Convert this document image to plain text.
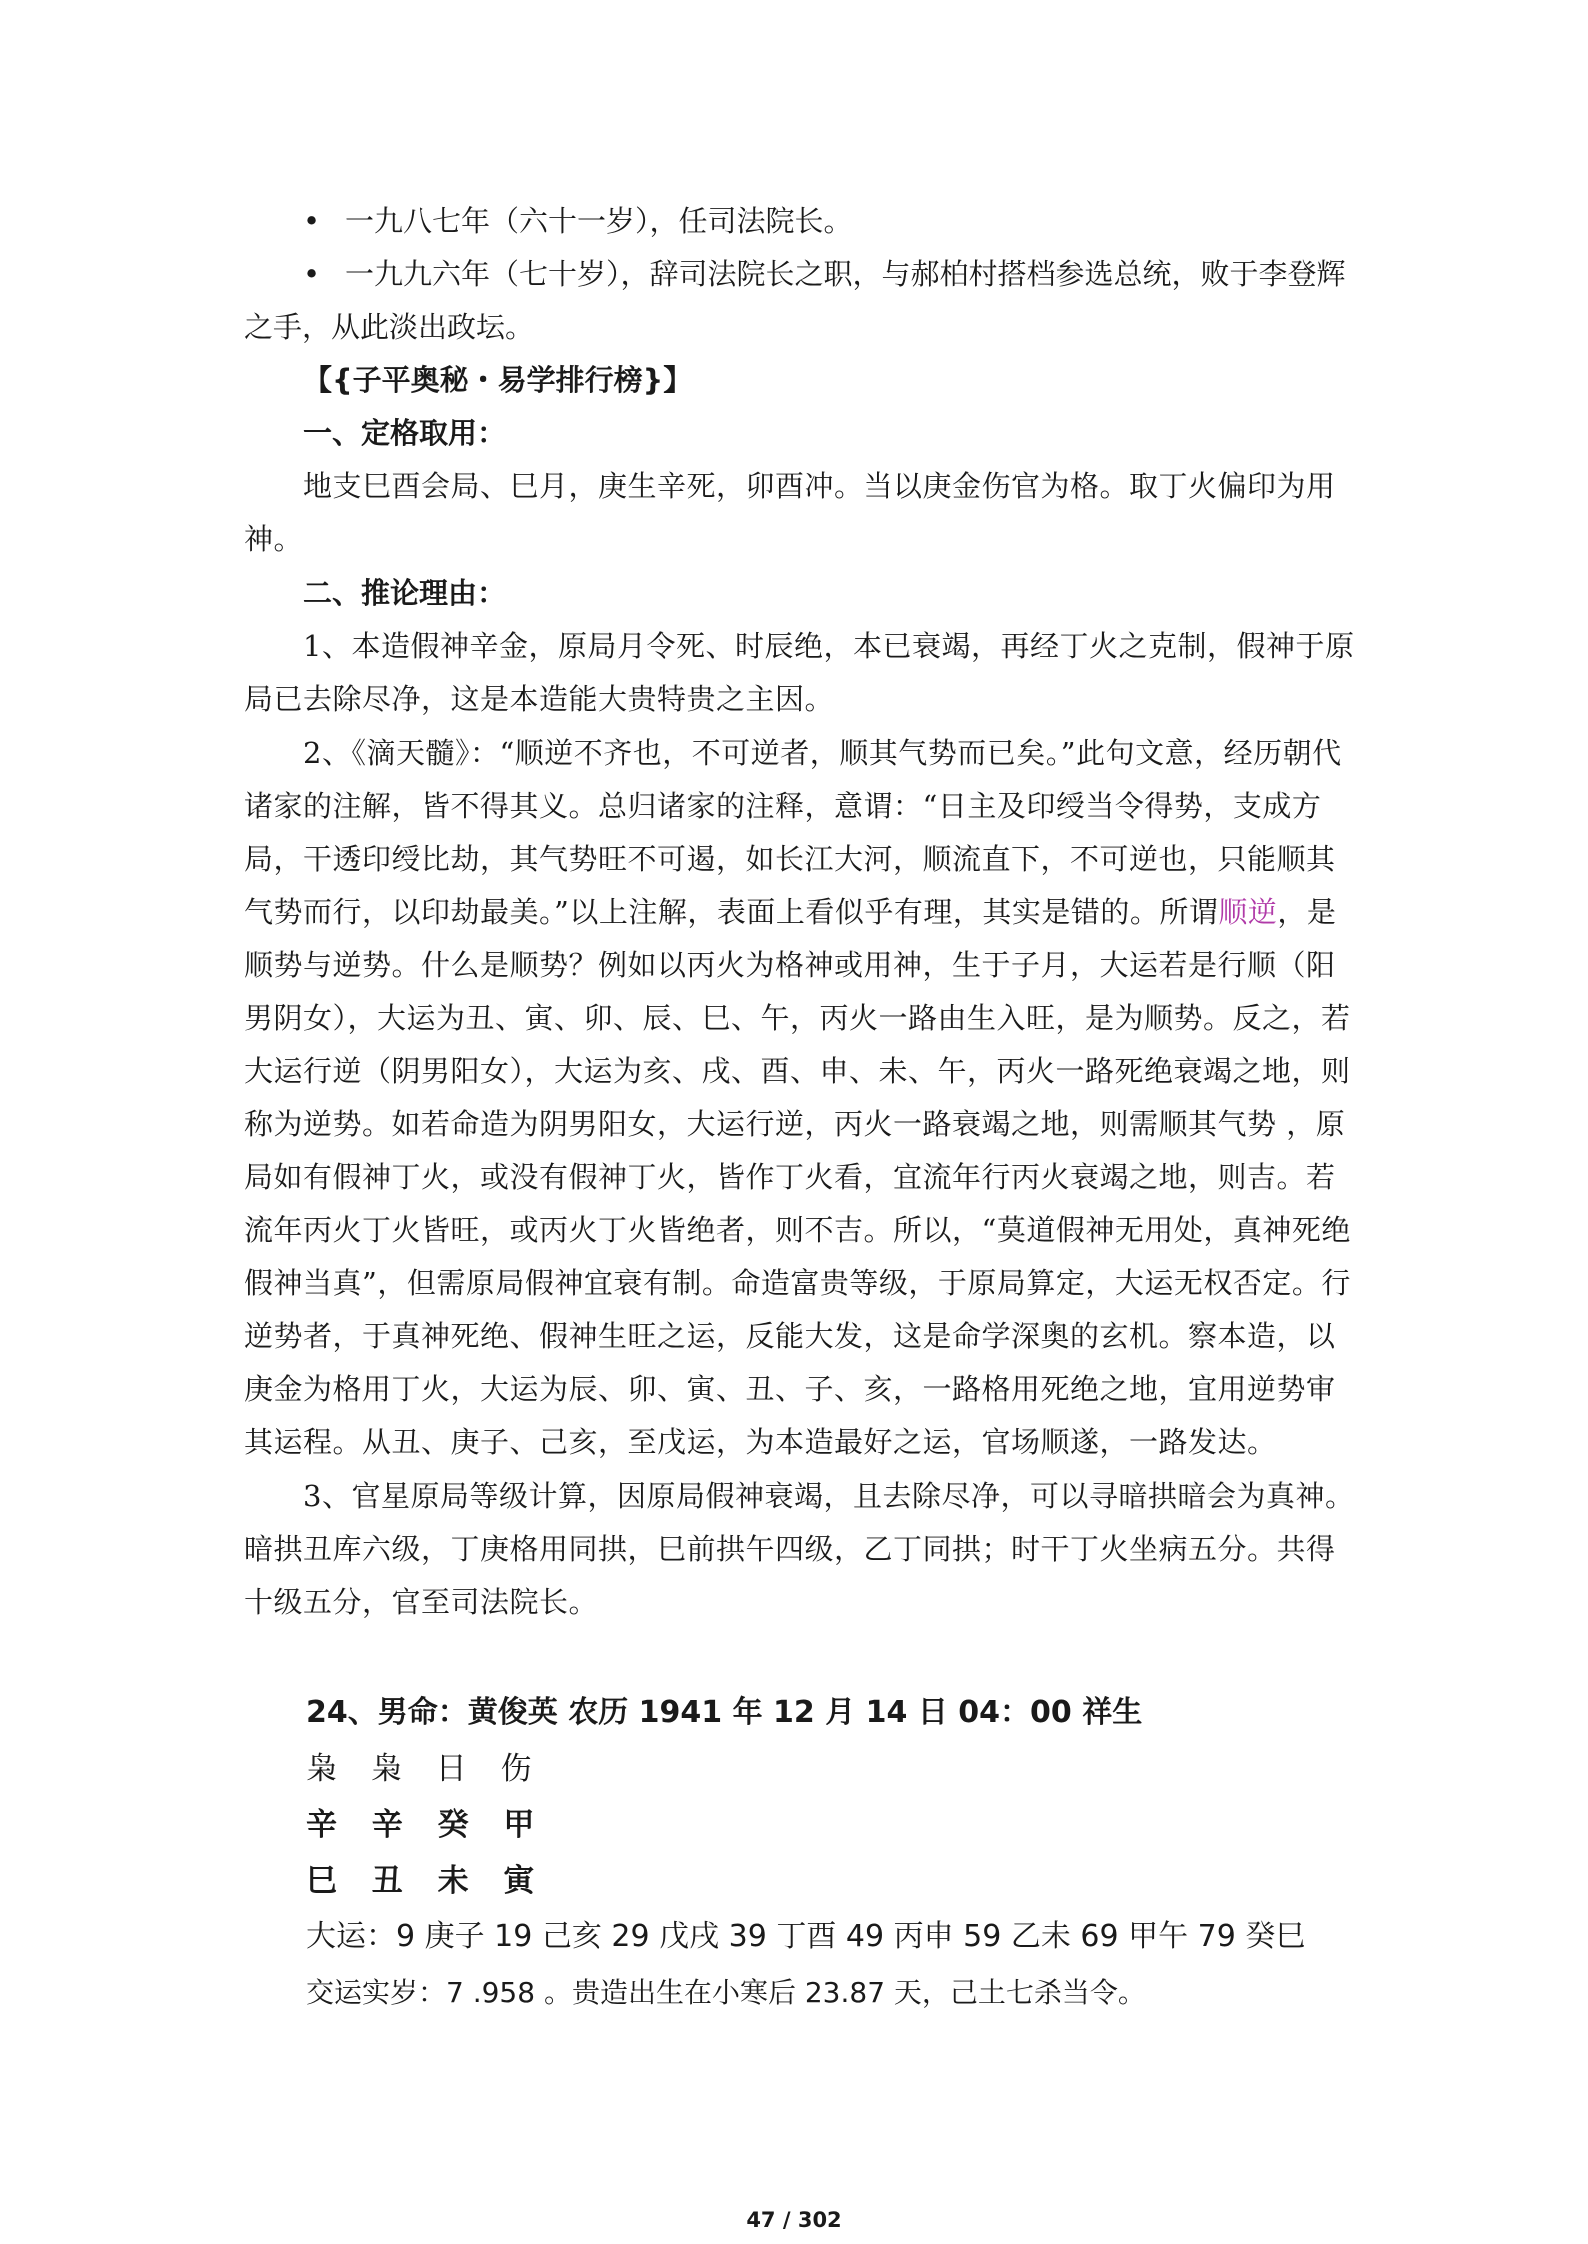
• 一九八七年（六十一岁），任司法院长。

• 一九九六年（七十岁），辞司法院长之职，与郝柏村搭档参选总统，败于李登辉之手，从此淡出政坛。

【{子平奥秘・易学排行榜}】

一、定格取用：

地支巳酉会局、巳月，庚生辛死，卯酉冲。当以庚金伤官为格。取丁火偏印为用神。

二、推论理由：

1、本造假神辛金，原局月令死、时辰绝，本已衰竭，再经丁火之克制，假神于原局已去除尽净，这是本造能大贵特贵之主因。

2、《滴天髓》：“顺逆不齐也，不可逆者，顺其气势而已矣。”此句文意，经历朝代诸家的注解，皆不得其义。总归诸家的注释，意谓：“日主及印绶当令得势，支成方局，干透印绶比劫，其气势旺不可遏，如长江大河，顺流直下，不可逆也，只能顺其气势而行，以印劫最美。”以上注解，表面上看似乎有理，其实是错的。所谓顺逆，是顺势与逆势。什么是顺势？例如以丙火为格神或用神，生于子月，大运若是行顺（阳男阴女），大运为丑、寅、卯、辰、巳、午，丙火一路由生入旺，是为顺势。反之，若大运行逆（阴男阳女），大运为亥、戌、酉、申、未、午，丙火一路死绝衰竭之地，则称为逆势。如若命造为阴男阳女，大运行逆，丙火一路衰竭之地，则需顺其气势 ，原局如有假神丁火，或没有假神丁火，皆作丁火看，宜流年行丙火衰竭之地，则吉。若流年丙火丁火皆旺，或丙火丁火皆绝者，则不吉。所以，“莫道假神无用处，真神死绝假神当真”，但需原局假神宜衰有制。命造富贵等级，于原局算定，大运无权否定。行逆势者，于真神死绝、假神生旺之运，反能大发，这是命学深奥的玄机。察本造，以庚金为格用丁火，大运为辰、卯、寅、丑、子、亥，一路格用死绝之地，宜用逆势审其运程。从丑、庚子、己亥，至戊运，为本造最好之运，官场顺遂，一路发达。

3、官星原局等级计算，因原局假神衰竭，且去除尽净，可以寻暗拱暗会为真神。暗拱丑库六级，丁庚格用同拱，巳前拱午四级，乙丁同拱；时干丁火坐病五分。共得十级五分，官至司法院长。

24、男命：黄俊英 农历 1941 年 12 月 14 日 04：00 祥生

枭 枭 日 伤

辛 辛 癸 甲

巳 丑 未 寅

大运：9 庚子 19 己亥 29 戊戌 39 丁酉 49 丙申 59 乙未 69 甲午 79 癸巳

交运实岁：7 .958 。贵造出生在小寒后 23.87 天，己土七杀当令。

47 / 302
